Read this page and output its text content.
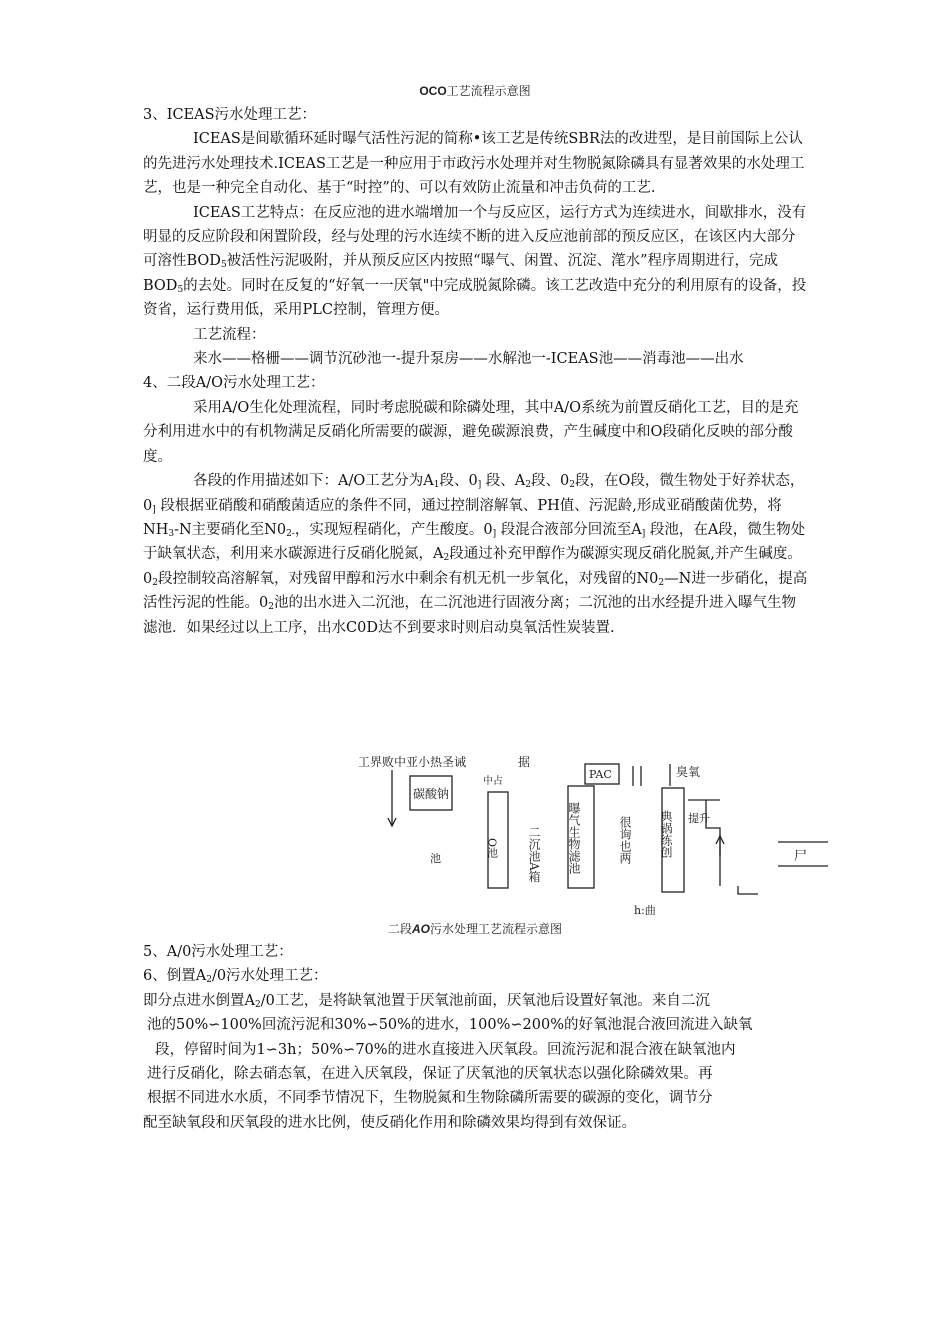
OCO工艺流程示意图

3、ICEAS污水处理工艺：

ICEAS是间歇循环延时曝气活性污泥的简称•该工艺是传统SBR法的改进型，是目前国际上公认的先进污水处理技术.ICEAS工艺是一种应用于市政污水处理并对生物脱氮除磷具有显著效果的水处理工艺，也是一种完全自动化、基于“时控”的、可以有效防止流量和冲击负荷的工艺.

ICEAS工艺特点：在反应池的进水端增加一个与反应区，运行方式为连续进水，间歇排水，没有明显的反应阶段和闲置阶段，经与处理的污水连续不断的进入反应池前部的预反应区，在该区内大部分可溶性$BOD_5$被活性污泥吸附，并从预反应区内按照“曝气、闲置、沉淀、滗水”程序周期进行，完成$BOD_5$的去处。同时在反复的“好氧一一厌氧"中完成脱氮除磷。该工艺改造中充分的利用原有的设备，投资省，运行费用低，采用PLC控制，管理方便。

工艺流程：

来水——格栅——调节沉砂池一-提升泵房——水解池一-ICEAS池——消毒池——出水

4、二段A/O污水处理工艺：

采用A/O生化处理流程，同时考虑脱碳和除磷处理，其中A/O系统为前置反硝化工艺，目的是充分利用进水中的有机物满足反硝化所需要的碳源，避免碳源浪费，产生碱度中和O段硝化反映的部分酸度。

各段的作用描述如下：A/O工艺分为$A_1$段、$0_]$ 段、$A_2$段、$0_2$段，在O段，微生物处于好养状态，$0_]$ 段根据亚硝酸和硝酸菌适应的条件不同，通过控制溶解氧、PH值、污泥龄,形成亚硝酸菌优势，将$NH_3-N$主要硝化至$N0_{2-}$，实现短程硝化，产生酸度。$0_]$ 段混合液部分回流至$A_]$ 段池，在A段，微生物处于缺氧状态，利用来水碳源进行反硝化脱氮，$A_2$段通过补充甲醇作为碳源实现反硝化脱氮,并产生碱度。$0_2$段控制较高溶解氧，对残留甲醇和污水中剩余有机无机一步氧化，对残留的$N0_2—N$进一步硝化，提高活性污泥的性能。$0_2$池的出水进入二沉池，在二沉池进行固液分离；二沉池的出水经提升进入曝气生物滤池．如果经过以上工序，出水C0D达不到要求时则启动臭氧活性炭装置.

工界败中亚小热圣诫	据
碳酸钠
中占
O池
池	二沉池A箱 曝气生物滤池
PAC
很询也两
臭氧
典锅练创 提升
尸
h:曲
二段AO污水处理工艺流程示意图

5、A/0污水处理工艺：

6、倒置$A_2/0$污水处理工艺：

即分点进水倒置$A_2/0$工艺，是将缺氧池置于厌氧池前面，厌氧池后设置好氧池。来自二沉

池的50%∽100%回流污泥和30%∽50%的进水，100%∽200%的好氧池混合液回流进入缺氧

段，停留时间为1∽3h；50%∽70%的进水直接进入厌氧段。回流污泥和混合液在缺氧池内

进行反硝化，除去硝态氧，在进入厌氧段，保证了厌氧池的厌氧状态以强化除磷效果。再

根据不同进水水质，不同季节情况下，生物脱氮和生物除磷所需要的碳源的变化，调节分

配至缺氧段和厌氧段的进水比例，使反硝化作用和除磷效果均得到有效保证。
